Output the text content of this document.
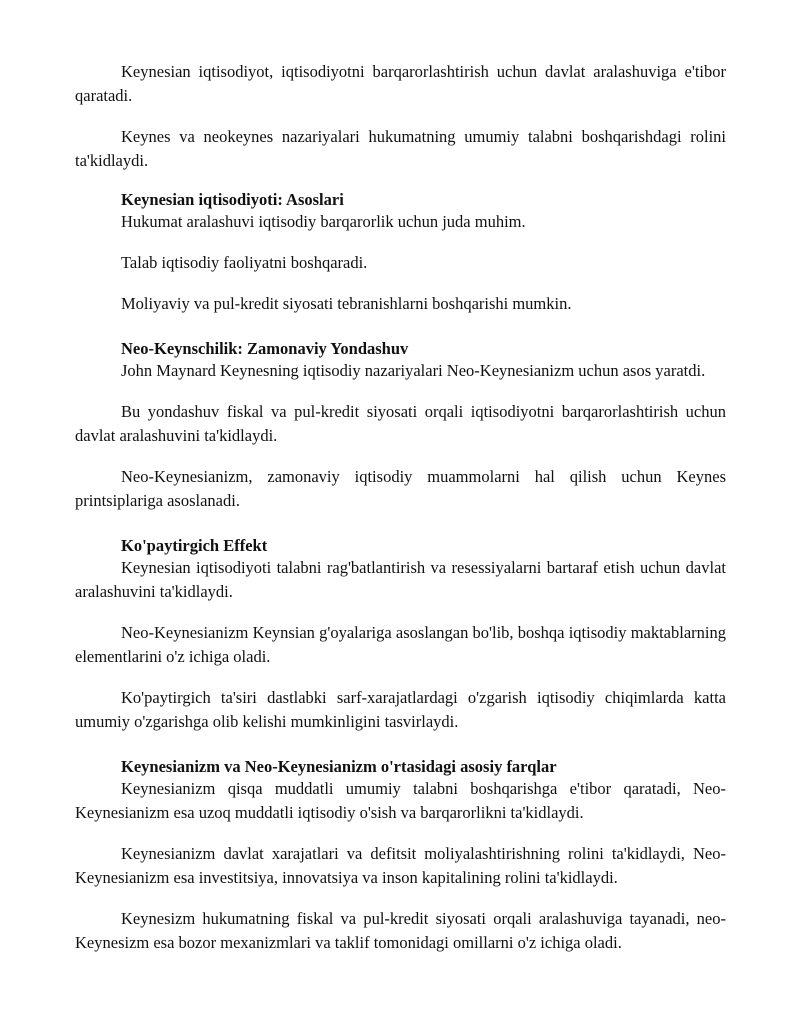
Keynesian iqtisodiyot, iqtisodiyotni barqarorlashtirish uchun davlat aralashuviga e'tibor qaratadi.

Keynes va neokeynes nazariyalari hukumatning umumiy talabni boshqarishdagi rolini ta'kidlaydi.

Keynesian iqtisodiyoti: Asoslari

Hukumat aralashuvi iqtisodiy barqarorlik uchun juda muhim.

Talab iqtisodiy faoliyatni boshqaradi.

Moliyaviy va pul-kredit siyosati tebranishlarni boshqarishi mumkin.

Neo-Keynschilik: Zamonaviy Yondashuv

John Maynard Keynesning iqtisodiy nazariyalari Neo-Keynesianizm uchun asos yaratdi.

Bu yondashuv fiskal va pul-kredit siyosati orqali iqtisodiyotni barqarorlashtirish uchun davlat aralashuvini ta'kidlaydi.

Neo-Keynesianizm, zamonaviy iqtisodiy muammolarni hal qilish uchun Keynes printsiplariga asoslanadi.

Ko'paytirgich Effekt

Keynesian iqtisodiyoti talabni rag'batlantirish va resessiyalarni bartaraf etish uchun davlat aralashuvini ta'kidlaydi.

Neo-Keynesianizm Keynsian g'oyalariga asoslangan bo'lib, boshqa iqtisodiy maktablarning elementlarini o'z ichiga oladi.

Ko'paytirgich ta'siri dastlabki sarf-xarajatlardagi o'zgarish iqtisodiy chiqimlarda katta umumiy o'zgarishga olib kelishi mumkinligini tasvirlaydi.

Keynesianizm va Neo-Keynesianizm o'rtasidagi asosiy farqlar

Keynesianizm qisqa muddatli umumiy talabni boshqarishga e'tibor qaratadi, Neo-Keynesianizm esa uzoq muddatli iqtisodiy o'sish va barqarorlikni ta'kidlaydi.

Keynesianizm davlat xarajatlari va defitsit moliyalashtirishning rolini ta'kidlaydi, Neo-Keynesianizm esa investitsiya, innovatsiya va inson kapitalining rolini ta'kidlaydi.

Keynesizm hukumatning fiskal va pul-kredit siyosati orqali aralashuviga tayanadi, neo-Keynesizm esa bozor mexanizmlari va taklif tomonidagi omillarni o'z ichiga oladi.
